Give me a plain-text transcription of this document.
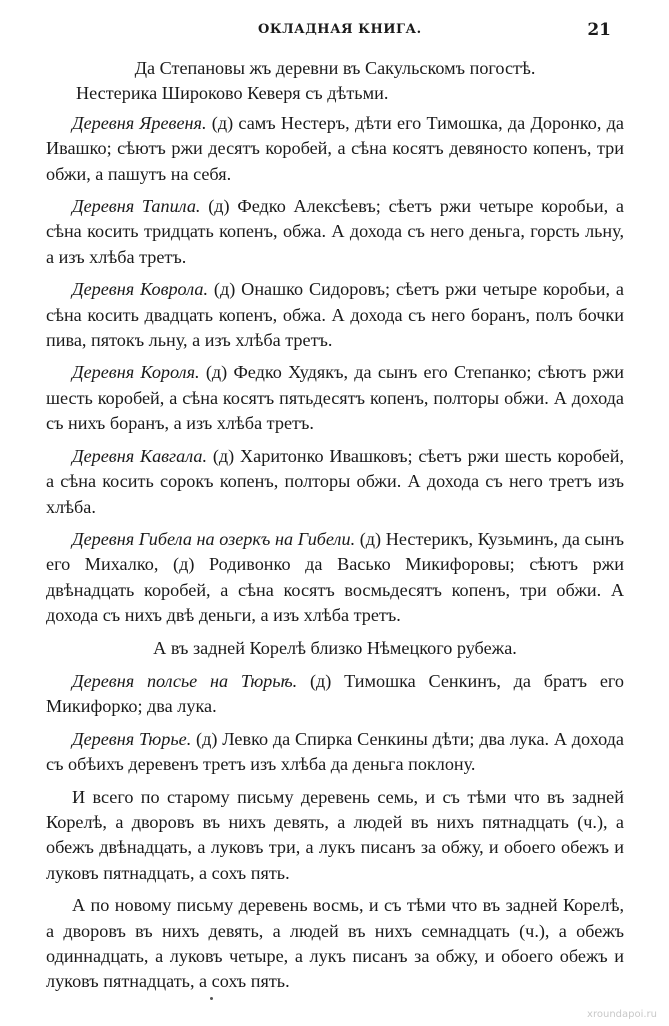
ОКЛАДНАЯ КНИГА.	21

Да Степановы жъ деревни въ Сакульскомъ погостѣ.

Нестерика Широково Кеверя съ дѣтьми.

Деревня Яревеня. (д) самъ Нестеръ, дѣти его Тимошка, да Доронко, да Ивашко; сѣютъ ржи десятъ коробей, а сѣна косятъ девяносто копенъ, три обжи, а пашутъ на себя.

Деревня Тапила. (д) Федко Алексѣевъ; сѣетъ ржи четыре коробьи, а сѣна косить тридцать копенъ, обжа. А дохода съ него деньга, горсть льну, а изъ хлѣба третъ.

Деревня Коврола. (д) Онашко Сидоровъ; сѣетъ ржи четыре коробьи, а сѣна косить двадцать копенъ, обжа. А дохода съ него боранъ, полъ бочки пива, пятокъ льну, а изъ хлѣба третъ.

Деревня Короля. (д) Федко Худякъ, да сынъ его Степанко; сѣютъ ржи шесть коробей, а сѣна косятъ пятьдесятъ копенъ, полторы обжи. А дохода съ нихъ боранъ, а изъ хлѣба третъ.

Деревня Кавгала. (д) Харитонко Ивашковъ; сѣетъ ржи шесть коробей, а сѣна косить сорокъ копенъ, полторы обжи. А дохода съ него третъ изъ хлѣба.

Деревня Гибела на озеркъ на Гибели. (д) Нестерикъ, Кузьминъ, да сынъ его Михалко, (д) Родивонко да Васько Микифоровы; сѣютъ ржи двѣнадцать коробей, а сѣна косятъ восмьдесятъ копенъ, три обжи. А дохода съ нихъ двѣ деньги, а изъ хлѣба третъ.

А въ задней Корелѣ близко Нѣмецкого рубежа.

Деревня полсье на Тюрьѣ. (д) Тимошка Сенкинъ, да братъ его Микифорко; два лука.

Деревня Тюрье. (д) Левко да Спирка Сенкины дѣти; два лука. А дохода съ обѣихъ деревенъ третъ изъ хлѣба да деньга поклону.

И всего по старому письму деревень семь, и съ тѣми что въ задней Корелѣ, а дворовъ въ нихъ девять, а людей въ нихъ пятнадцать (ч.), а обежъ двѣнадцать, а луковъ три, а лукъ писанъ за обжу, и обоего обежъ и луковъ пятнадцать, а сохъ пять.

А по новому письму деревень восмь, и съ тѣми что въ задней Корелѣ, а дворовъ въ нихъ девять, а людей въ нихъ семнадцать (ч.), а обежъ одиннадцать, а луковъ четыре, а лукъ писанъ за обжу, и обоего обежъ и луковъ пятнадцать, а сохъ пять.

xroundapoi.ru
